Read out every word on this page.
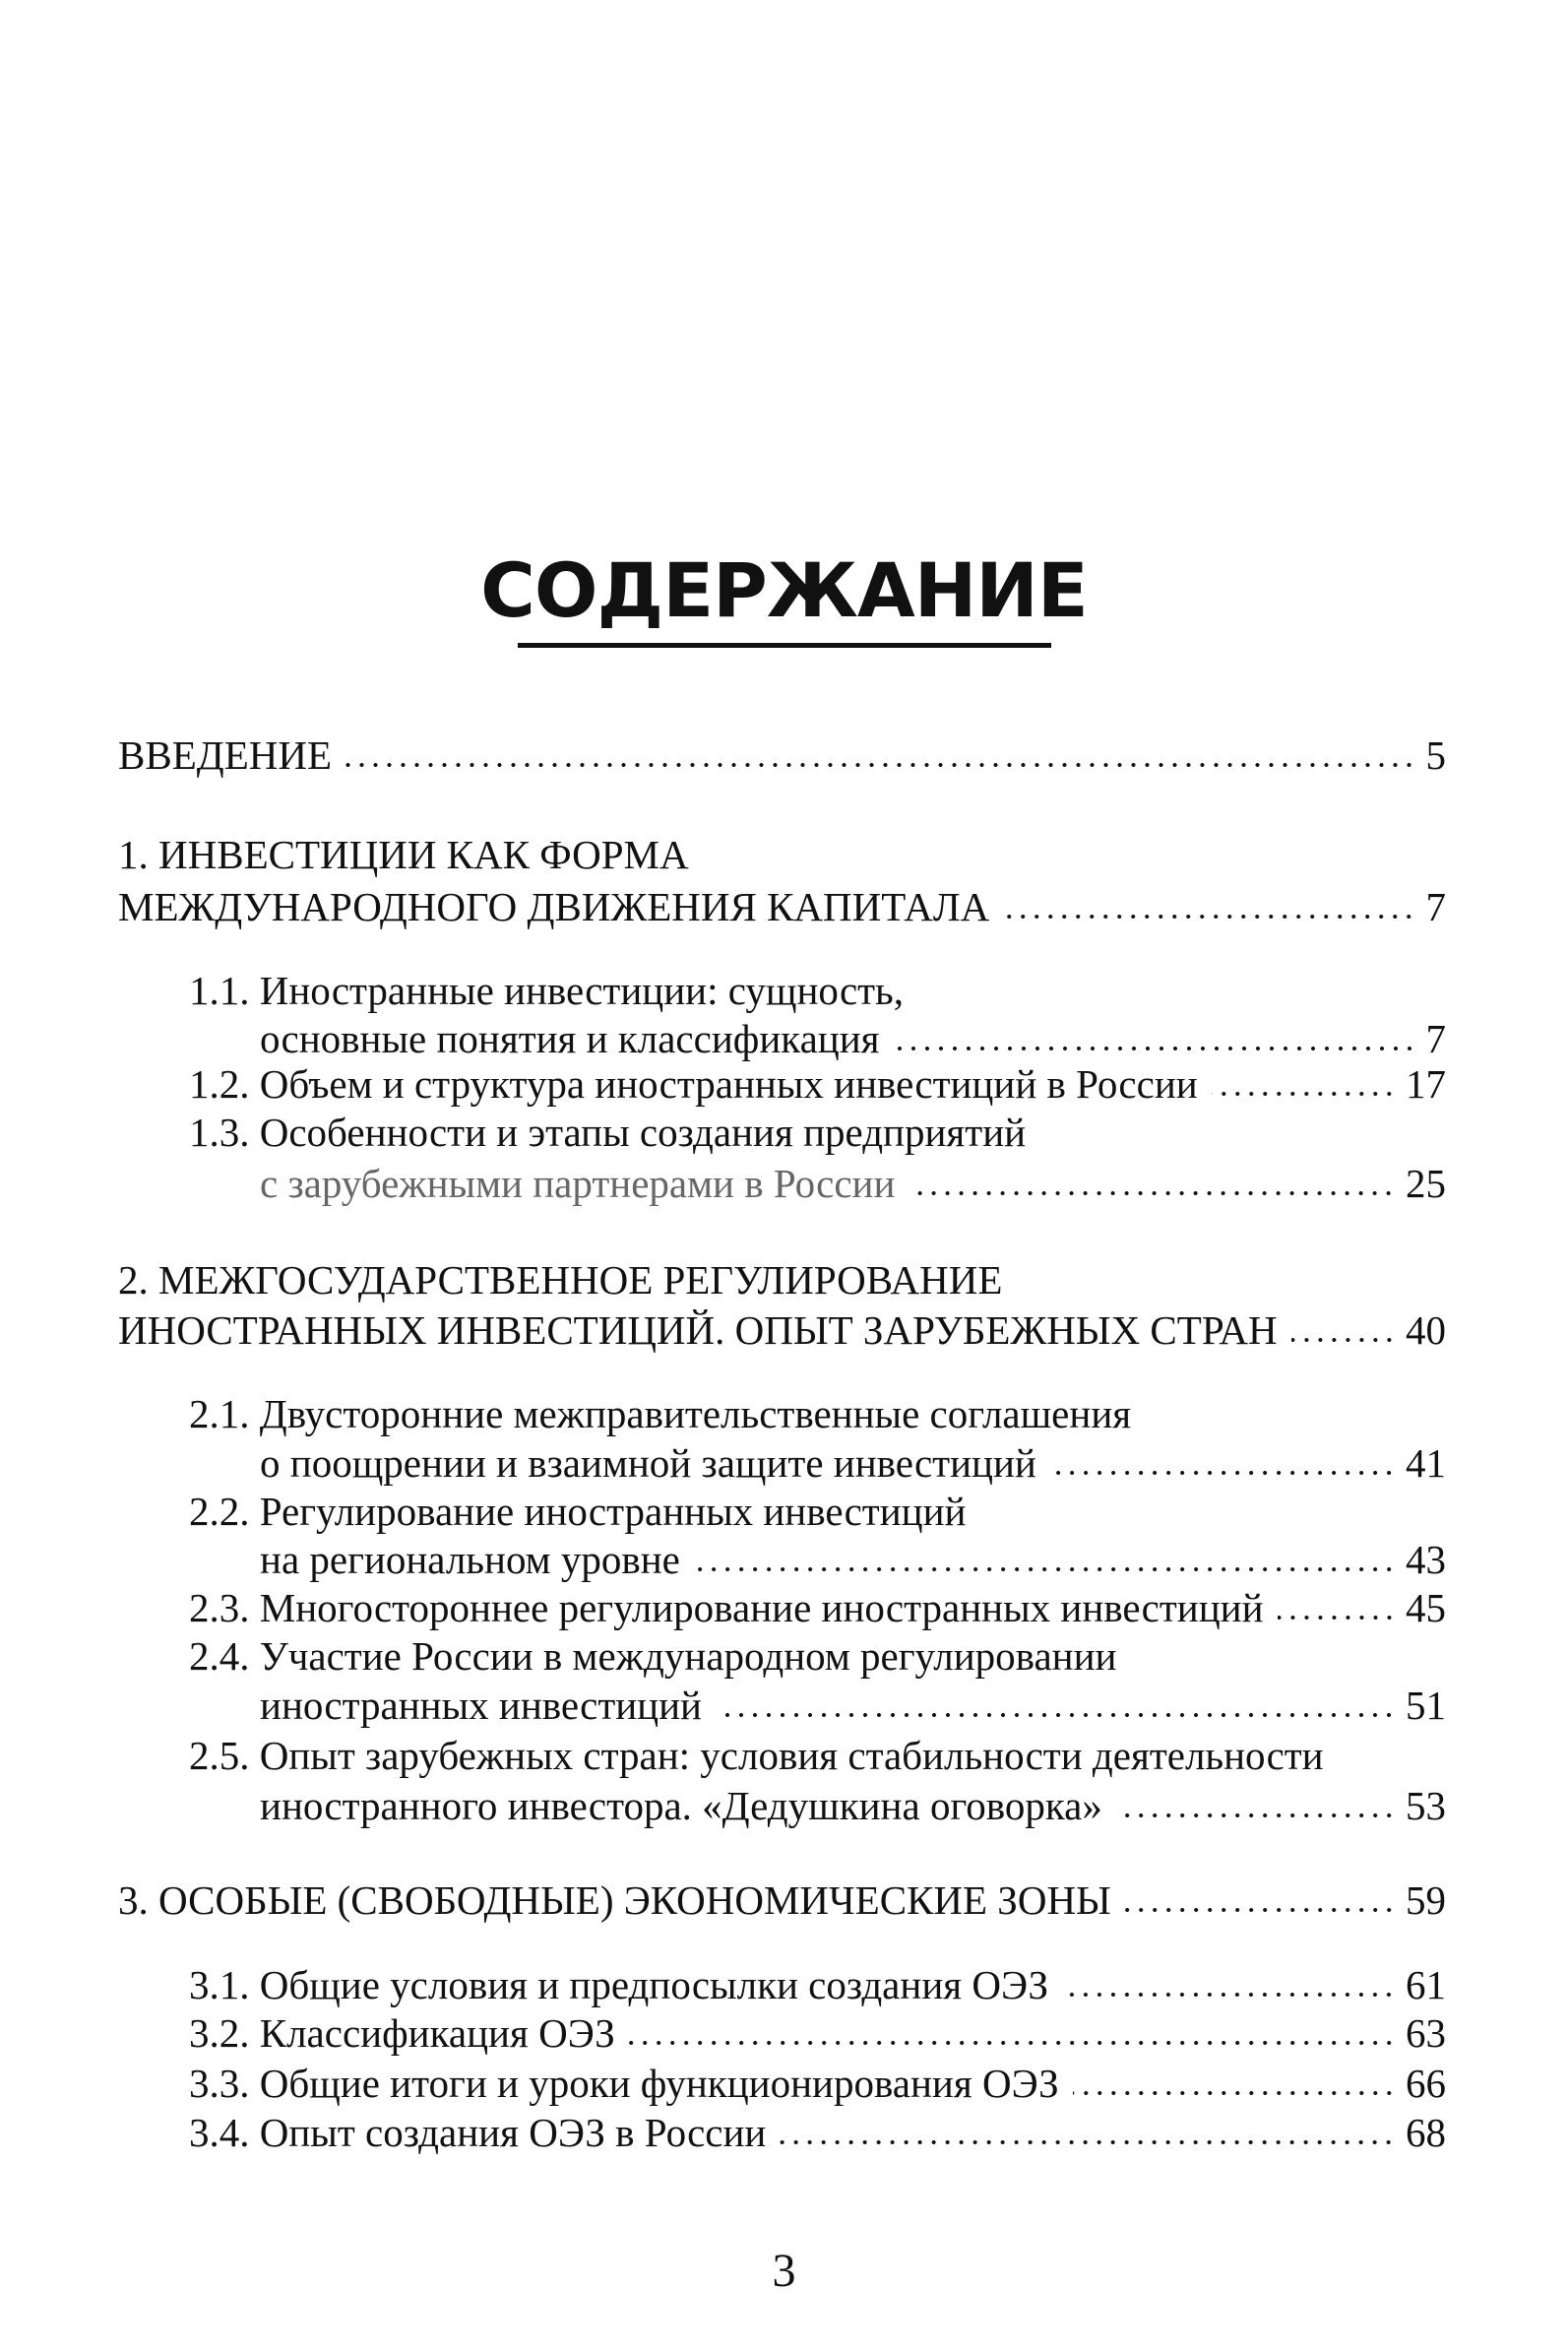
СОДЕРЖАНИЕ
ВВЕДЕНИЕ	5
1. ИНВЕСТИЦИИ КАК ФОРМА
МЕЖДУНАРОДНОГО ДВИЖЕНИЯ КАПИТАЛА	7
1.1. Иностранные инвестиции: сущность,
основные понятия и классификация	7
1.2. Объем и структура иностранных инвестиций в России	17
1.3. Особенности и этапы создания предприятий
с зарубежными партнерами в России	25
2. МЕЖГОСУДАРСТВЕННОЕ РЕГУЛИРОВАНИЕ
ИНОСТРАННЫХ ИНВЕСТИЦИЙ. ОПЫТ ЗАРУБЕЖНЫХ СТРАН	40
2.1. Двусторонние межправительственные соглашения
о поощрении и взаимной защите инвестиций	41
2.2. Регулирование иностранных инвестиций
на региональном уровне	43
2.3. Многостороннее регулирование иностранных инвестиций	45
2.4. Участие России в международном регулировании
иностранных инвестиций	51
2.5. Опыт зарубежных стран: условия стабильности деятельности
иностранного инвестора. «Дедушкина оговорка»	53
3. ОСОБЫЕ (СВОБОДНЫЕ) ЭКОНОМИЧЕСКИЕ ЗОНЫ	59
3.1. Общие условия и предпосылки создания ОЭЗ	61
3.2. Классификация ОЭЗ	63
3.3. Общие итоги и уроки функционирования ОЭЗ	66
3.4. Опыт создания ОЭЗ в России	68
3
